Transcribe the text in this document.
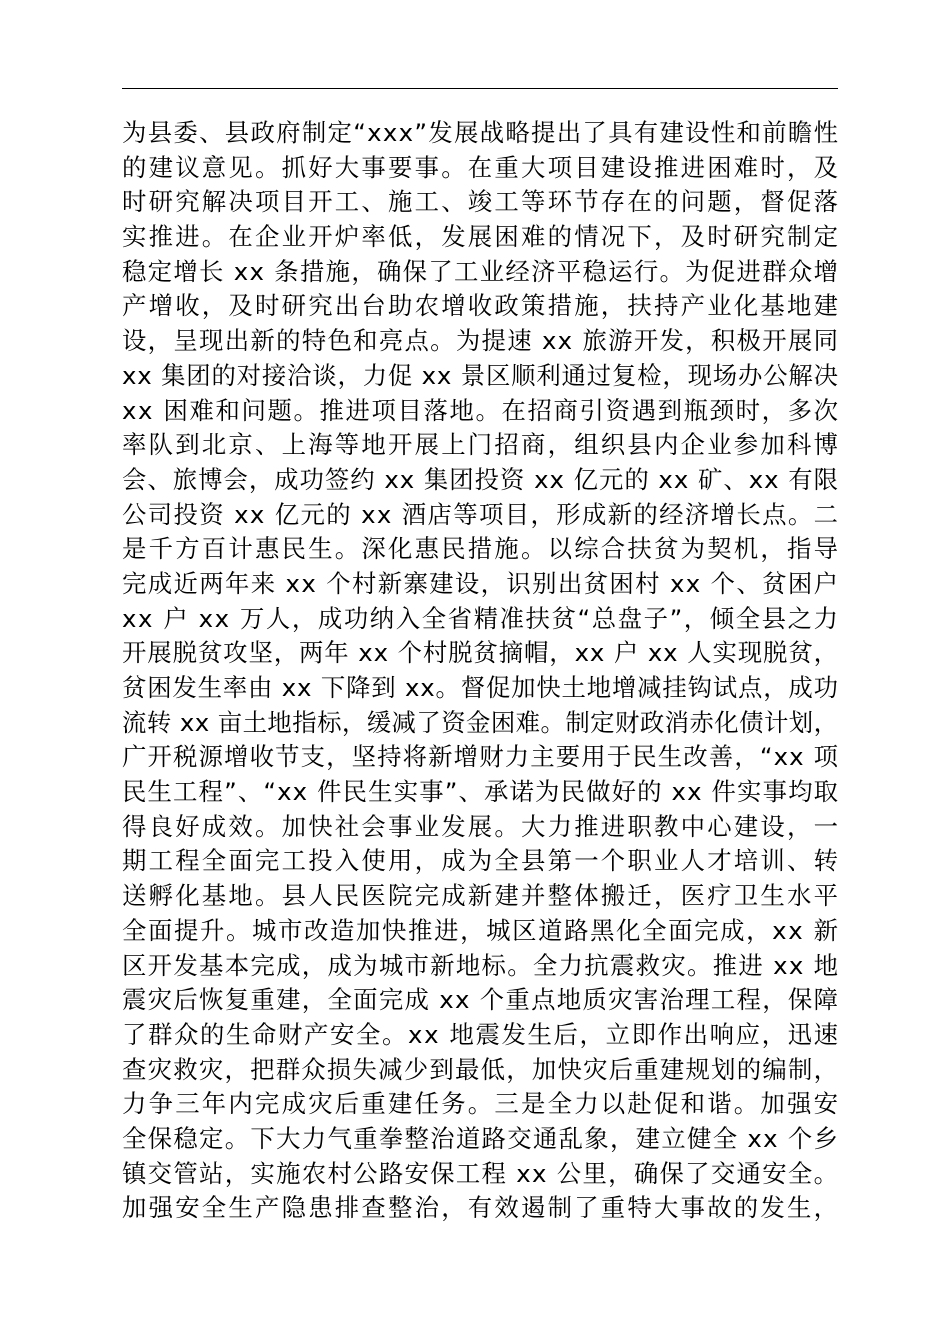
为县委、县政府制定“xxx”发展战略提出了具有建设性和前瞻性
的建议意见。抓好大事要事。在重大项目建设推进困难时，及
时研究解决项目开工、施工、竣工等环节存在的问题，督促落
实推进。在企业开炉率低，发展困难的情况下，及时研究制定
稳定增长 xx 条措施，确保了工业经济平稳运行。为促进群众增
产增收，及时研究出台助农增收政策措施，扶持产业化基地建
设，呈现出新的特色和亮点。为提速 xx 旅游开发，积极开展同
xx 集团的对接洽谈，力促 xx 景区顺利通过复检，现场办公解决
xx 困难和问题。推进项目落地。在招商引资遇到瓶颈时，多次
率队到北京、上海等地开展上门招商，组织县内企业参加科博
会、旅博会，成功签约 xx 集团投资 xx 亿元的 xx 矿、xx 有限
公司投资 xx 亿元的 xx 酒店等项目，形成新的经济增长点。二
是千方百计惠民生。深化惠民措施。以综合扶贫为契机，指导
完成近两年来 xx 个村新寨建设，识别出贫困村 xx 个、贫困户
xx 户 xx 万人，成功纳入全省精准扶贫“总盘子”，倾全县之力
开展脱贫攻坚，两年 xx 个村脱贫摘帽，xx 户 xx 人实现脱贫，
贫困发生率由 xx 下降到 xx。督促加快土地增减挂钩试点，成功
流转 xx 亩土地指标，缓减了资金困难。制定财政消赤化债计划，
广开税源增收节支，坚持将新增财力主要用于民生改善，“xx 项
民生工程”、“xx 件民生实事”、承诺为民做好的 xx 件实事均取
得良好成效。加快社会事业发展。大力推进职教中心建设，一
期工程全面完工投入使用，成为全县第一个职业人才培训、转
送孵化基地。县人民医院完成新建并整体搬迁，医疗卫生水平
全面提升。城市改造加快推进，城区道路黑化全面完成，xx 新
区开发基本完成，成为城市新地标。全力抗震救灾。推进 xx 地
震灾后恢复重建，全面完成 xx 个重点地质灾害治理工程，保障
了群众的生命财产安全。xx 地震发生后，立即作出响应，迅速
查灾救灾，把群众损失减少到最低，加快灾后重建规划的编制，
力争三年内完成灾后重建任务。三是全力以赴促和谐。加强安
全保稳定。下大力气重拳整治道路交通乱象，建立健全 xx 个乡
镇交管站，实施农村公路安保工程 xx 公里，确保了交通安全。
加强安全生产隐患排查整治，有效遏制了重特大事故的发生，
